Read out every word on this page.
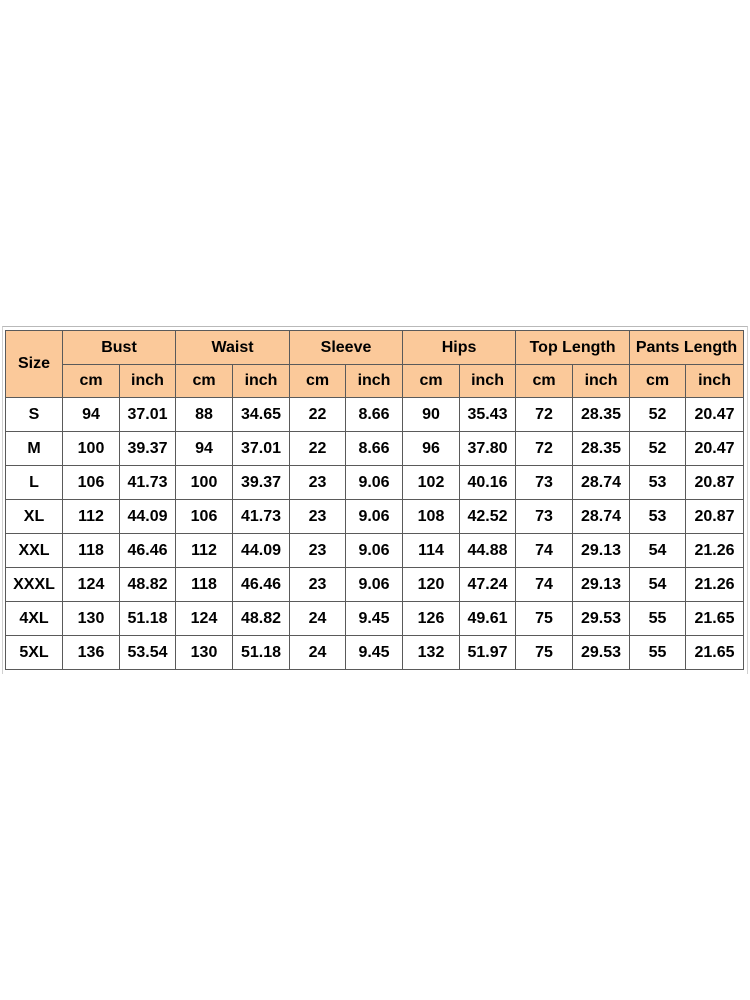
Size	Bust		Waist		Sleeve		Hips		Top Length		Pants Length	
	cm	inch	cm	inch	cm	inch	cm	inch	cm	inch	cm	inch
S	94	37.01	88	34.65	22	8.66	90	35.43	72	28.35	52	20.47
M	100	39.37	94	37.01	22	8.66	96	37.80	72	28.35	52	20.47
L	106	41.73	100	39.37	23	9.06	102	40.16	73	28.74	53	20.87
XL	112	44.09	106	41.73	23	9.06	108	42.52	73	28.74	53	20.87
XXL	118	46.46	112	44.09	23	9.06	114	44.88	74	29.13	54	21.26
XXXL	124	48.82	118	46.46	23	9.06	120	47.24	74	29.13	54	21.26
4XL	130	51.18	124	48.82	24	9.45	126	49.61	75	29.53	55	21.65
5XL	136	53.54	130	51.18	24	9.45	132	51.97	75	29.53	55	21.65
